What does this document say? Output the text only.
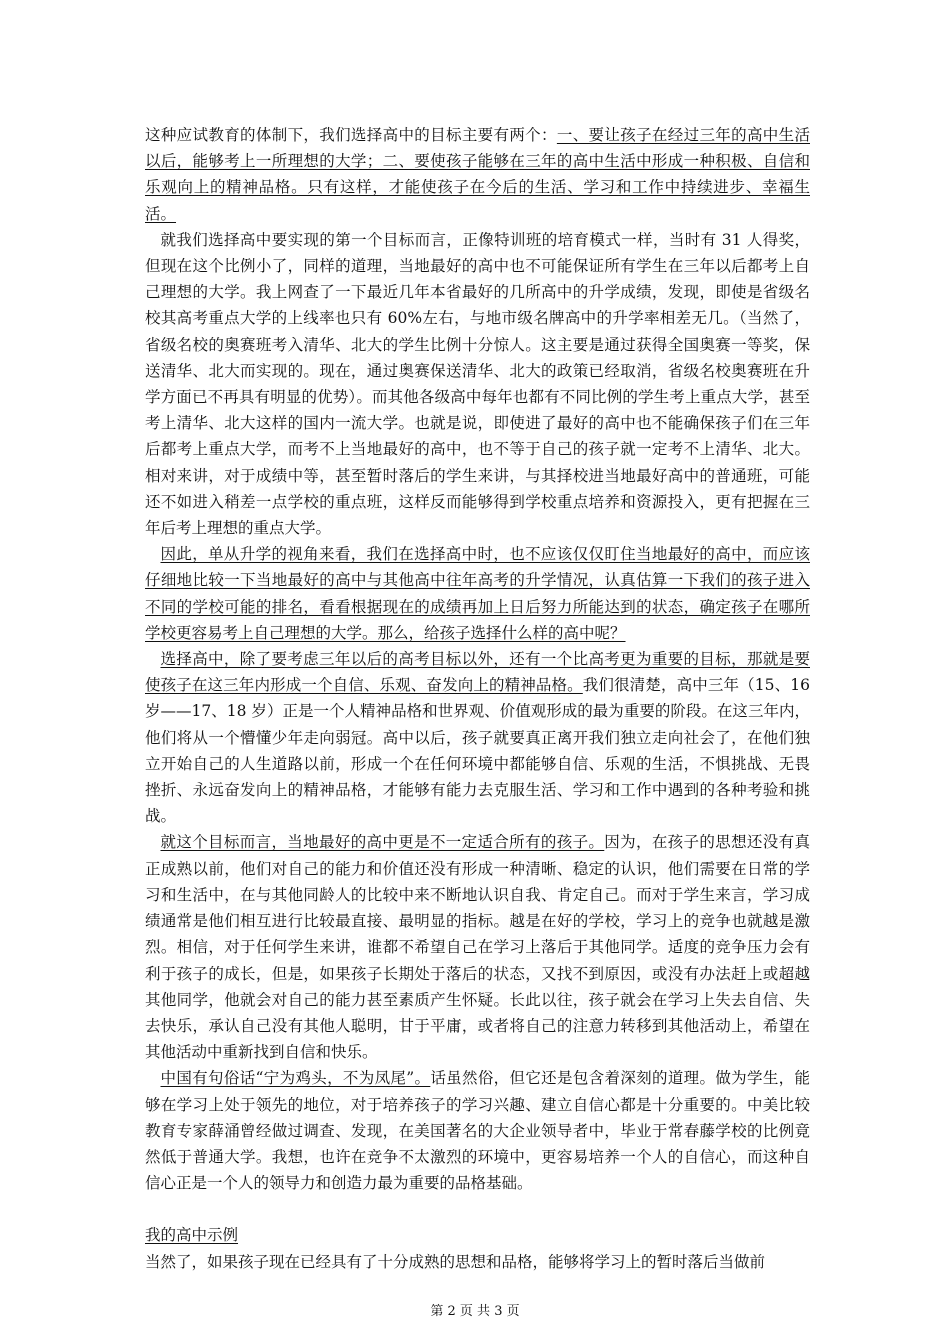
这种应试教育的体制下，我们选择高中的目标主要有两个：一、要让孩子在经过三年的高中生活以后，能够考上一所理想的大学；二、要使孩子能够在三年的高中生活中形成一种积极、自信和乐观向上的精神品格。只有这样，才能使孩子在今后的生活、学习和工作中持续进步、幸福生活。

就我们选择高中要实现的第一个目标而言，正像特训班的培育模式一样，当时有 31 人得奖，但现在这个比例小了，同样的道理，当地最好的高中也不可能保证所有学生在三年以后都考上自己理想的大学。我上网查了一下最近几年本省最好的几所高中的升学成绩，发现，即使是省级名校其高考重点大学的上线率也只有 60%左右，与地市级名牌高中的升学率相差无几。（当然了，省级名校的奥赛班考入清华、北大的学生比例十分惊人。这主要是通过获得全国奥赛一等奖，保送清华、北大而实现的。现在，通过奥赛保送清华、北大的政策已经取消，省级名校奥赛班在升学方面已不再具有明显的优势）。而其他各级高中每年也都有不同比例的学生考上重点大学，甚至考上清华、北大这样的国内一流大学。也就是说，即使进了最好的高中也不能确保孩子们在三年后都考上重点大学，而考不上当地最好的高中，也不等于自己的孩子就一定考不上清华、北大。相对来讲，对于成绩中等，甚至暂时落后的学生来讲，与其择校进当地最好高中的普通班，可能还不如进入稍差一点学校的重点班，这样反而能够得到学校重点培养和资源投入，更有把握在三年后考上理想的重点大学。

因此，单从升学的视角来看，我们在选择高中时，也不应该仅仅盯住当地最好的高中，而应该仔细地比较一下当地最好的高中与其他高中往年高考的升学情况，认真估算一下我们的孩子进入不同的学校可能的排名，看看根据现在的成绩再加上日后努力所能达到的状态，确定孩子在哪所学校更容易考上自己理想的大学。那么，给孩子选择什么样的高中呢？

选择高中，除了要考虑三年以后的高考目标以外，还有一个比高考更为重要的目标，那就是要使孩子在这三年内形成一个自信、乐观、奋发向上的精神品格。我们很清楚，高中三年（15、16 岁——17、18 岁）正是一个人精神品格和世界观、价值观形成的最为重要的阶段。在这三年内，他们将从一个懵懂少年走向弱冠。高中以后，孩子就要真正离开我们独立走向社会了，在他们独立开始自己的人生道路以前，形成一个在任何环境中都能够自信、乐观的生活，不惧挑战、无畏挫折、永远奋发向上的精神品格，才能够有能力去克服生活、学习和工作中遇到的各种考验和挑战。

就这个目标而言，当地最好的高中更是不一定适合所有的孩子。因为，在孩子的思想还没有真正成熟以前，他们对自己的能力和价值还没有形成一种清晰、稳定的认识，他们需要在日常的学习和生活中，在与其他同龄人的比较中来不断地认识自我、肯定自己。而对于学生来言，学习成绩通常是他们相互进行比较最直接、最明显的指标。越是在好的学校，学习上的竞争也就越是激烈。相信，对于任何学生来讲，谁都不希望自己在学习上落后于其他同学。适度的竞争压力会有利于孩子的成长，但是，如果孩子长期处于落后的状态，又找不到原因，或没有办法赶上或超越其他同学，他就会对自己的能力甚至素质产生怀疑。长此以往，孩子就会在学习上失去自信、失去快乐，承认自己没有其他人聪明，甘于平庸，或者将自己的注意力转移到其他活动上，希望在其他活动中重新找到自信和快乐。

中国有句俗话“宁为鸡头，不为凤尾”。话虽然俗，但它还是包含着深刻的道理。做为学生，能够在学习上处于领先的地位，对于培养孩子的学习兴趣、建立自信心都是十分重要的。中美比较教育专家薛涌曾经做过调查、发现，在美国著名的大企业领导者中，毕业于常春藤学校的比例竟然低于普通大学。我想，也许在竞争不太激烈的环境中，更容易培养一个人的自信心，而这种自信心正是一个人的领导力和创造力最为重要的品格基础。

我的高中示例

当然了，如果孩子现在已经具有了十分成熟的思想和品格，能够将学习上的暂时落后当做前

第 2 页 共 3 页
